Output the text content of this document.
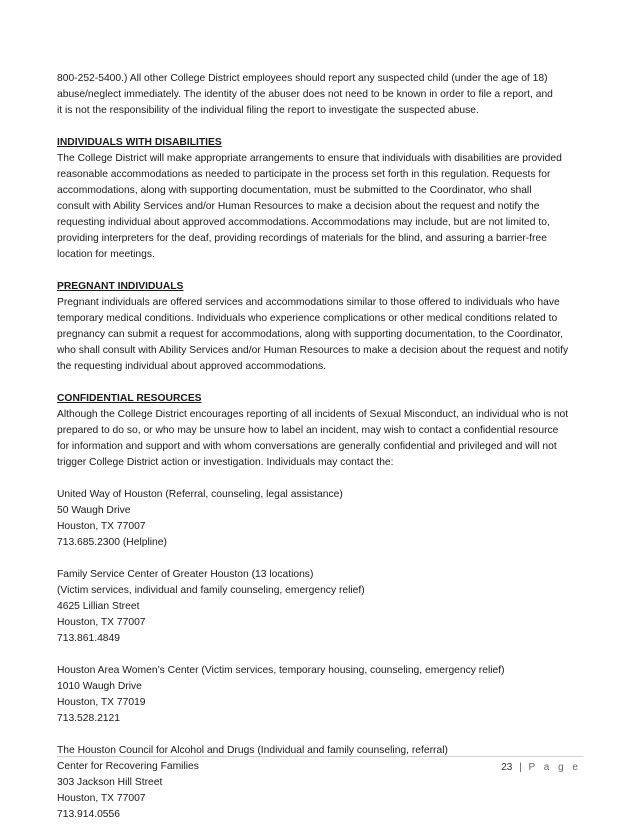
800-252-5400.) All other College District employees should report any suspected child (under the age of 18)
abuse/neglect immediately. The identity of the abuser does not need to be known in order to file a report, and
it is not the responsibility of the individual filing the report to investigate the suspected abuse.

INDIVIDUALS WITH DISABILITIES
The College District will make appropriate arrangements to ensure that individuals with disabilities are provided
reasonable accommodations as needed to participate in the process set forth in this regulation. Requests for
accommodations, along with supporting documentation, must be submitted to the Coordinator, who shall
consult with Ability Services and/or Human Resources to make a decision about the request and notify the
requesting individual about approved accommodations. Accommodations may include, but are not limited to,
providing interpreters for the deaf, providing recordings of materials for the blind, and assuring a barrier-free
location for meetings.
PREGNANT INDIVIDUALS
Pregnant individuals are offered services and accommodations similar to those offered to individuals who have
temporary medical conditions. Individuals who experience complications or other medical conditions related to
pregnancy can submit a request for accommodations, along with supporting documentation, to the Coordinator,
who shall consult with Ability Services and/or Human Resources to make a decision about the request and notify
the requesting individual about approved accommodations.
CONFIDENTIAL RESOURCES
Although the College District encourages reporting of all incidents of Sexual Misconduct, an individual who is not
prepared to do so, or who may be unsure how to label an incident, may wish to contact a confidential resource
for information and support and with whom conversations are generally confidential and privileged and will not
trigger College District action or investigation. Individuals may contact the:
United Way of Houston (Referral, counseling, legal assistance)
50 Waugh Drive
Houston, TX 77007
713.685.2300 (Helpline)
Family Service Center of Greater Houston (13 locations)
(Victim services, individual and family counseling, emergency relief)
4625 Lillian Street
Houston, TX 77007
713.861.4849
Houston Area Women’s Center (Victim services, temporary housing, counseling, emergency relief)
1010 Waugh Drive
Houston, TX 77019
713.528.2121
The Houston Council for Alcohol and Drugs (Individual and family counseling, referral)
Center for Recovering Families
303 Jackson Hill Street
Houston, TX 77007
713.914.0556
23 | P a g e
